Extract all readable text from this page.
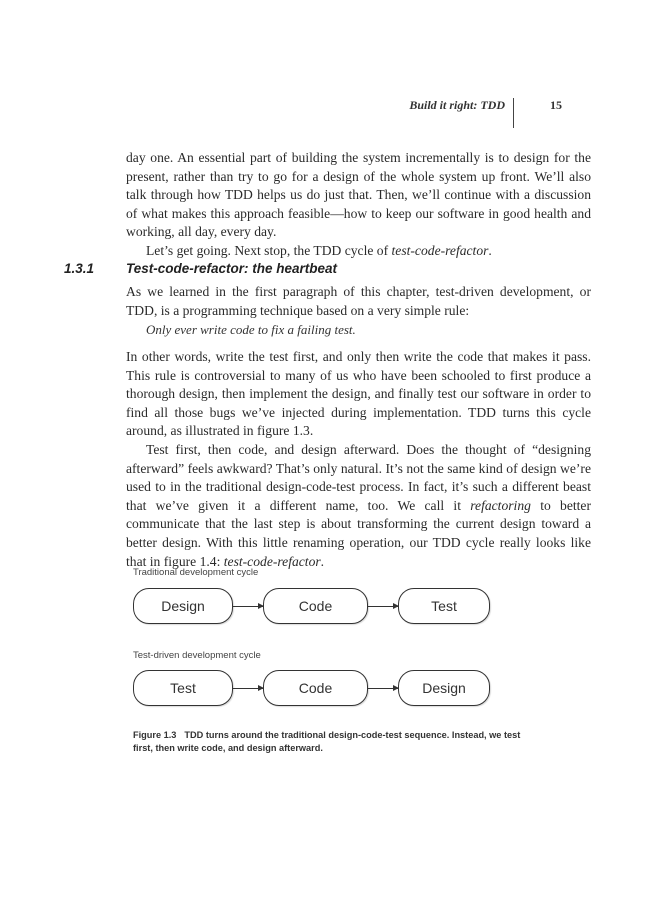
Build it right: TDD	15

day one. An essential part of building the system incrementally is to design for the present, rather than try to go for a design of the whole system up front. We’ll also talk through how TDD helps us do just that. Then, we’ll continue with a discussion of what makes this approach feasible—how to keep our software in good health and working, all day, every day.

Let’s get going. Next stop, the TDD cycle of test-code-refactor.

1.3.1 Test-code-refactor: the heartbeat

As we learned in the first paragraph of this chapter, test-driven development, or TDD, is a programming technique based on a very simple rule:

Only ever write code to fix a failing test.

In other words, write the test first, and only then write the code that makes it pass. This rule is controversial to many of us who have been schooled to first produce a thorough design, then implement the design, and finally test our software in order to find all those bugs we’ve injected during implementation. TDD turns this cycle around, as illustrated in figure 1.3.

Test first, then code, and design afterward. Does the thought of “designing afterward” feels awkward? That’s only natural. It’s not the same kind of design we’re used to in the traditional design-code-test process. In fact, it’s such a different beast that we’ve given it a different name, too. We call it refactoring to better communicate that the last step is about transforming the current design toward a better design. With this little renaming operation, our TDD cycle really looks like that in figure 1.4: test-code-refactor.

Traditional development cycle
Design	Code	Test
Test-driven development cycle
Test	Code	Design
Figure 1.3 TDD turns around the traditional design-code-test sequence. Instead, we test first, then write code, and design afterward.
